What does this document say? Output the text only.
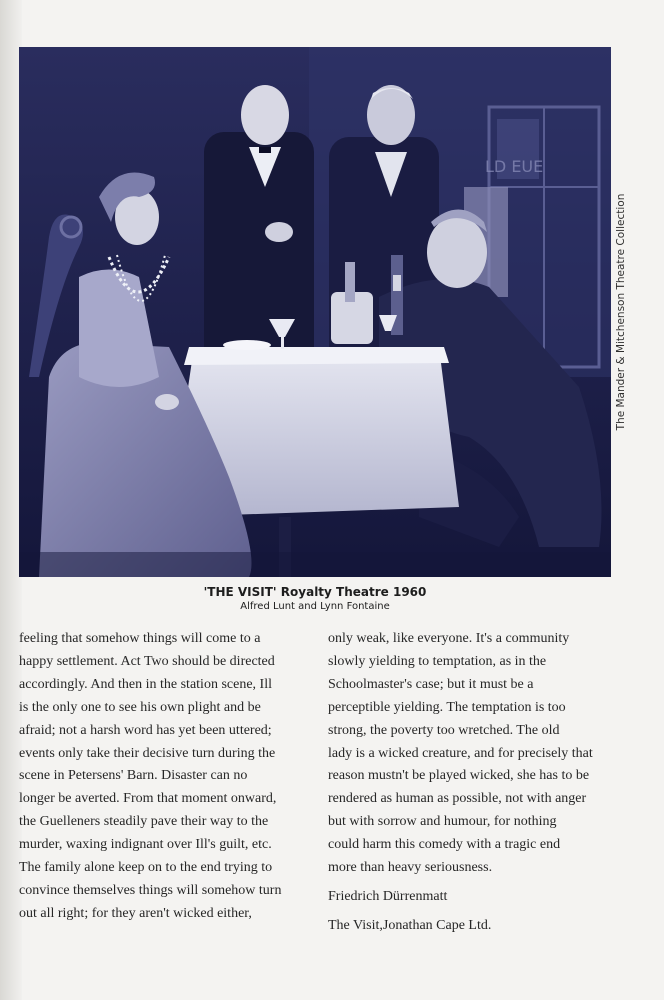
LD EUE
The Mander & Mitchenson Theatre Collection
'THE VISIT' Royalty Theatre 1960
Alfred Lunt and Lynn Fontaine

feeling that somehow things will come to a

happy settlement. Act Two should be directed

accordingly. And then in the station scene, Ill

is the only one to see his own plight and be

afraid; not a harsh word has yet been uttered;

events only take their decisive turn during the

scene in Petersens' Barn. Disaster can no

longer be averted. From that moment onward,

the Guelleners steadily pave their way to the

murder, waxing indignant over Ill's guilt, etc.

The family alone keep on to the end trying to

convince themselves things will somehow turn

out all right; for they aren't wicked either,

only weak, like everyone. It's a community

slowly yielding to temptation, as in the

Schoolmaster's case; but it must be a

perceptible yielding. The temptation is too

strong, the poverty too wretched. The old

lady is a wicked creature, and for precisely that

reason mustn't be played wicked, she has to be

rendered as human as possible, not with anger

but with sorrow and humour, for nothing

could harm this comedy with a tragic end

more than heavy seriousness.

Friedrich Dürrenmatt

The Visit,Jonathan Cape Ltd.
